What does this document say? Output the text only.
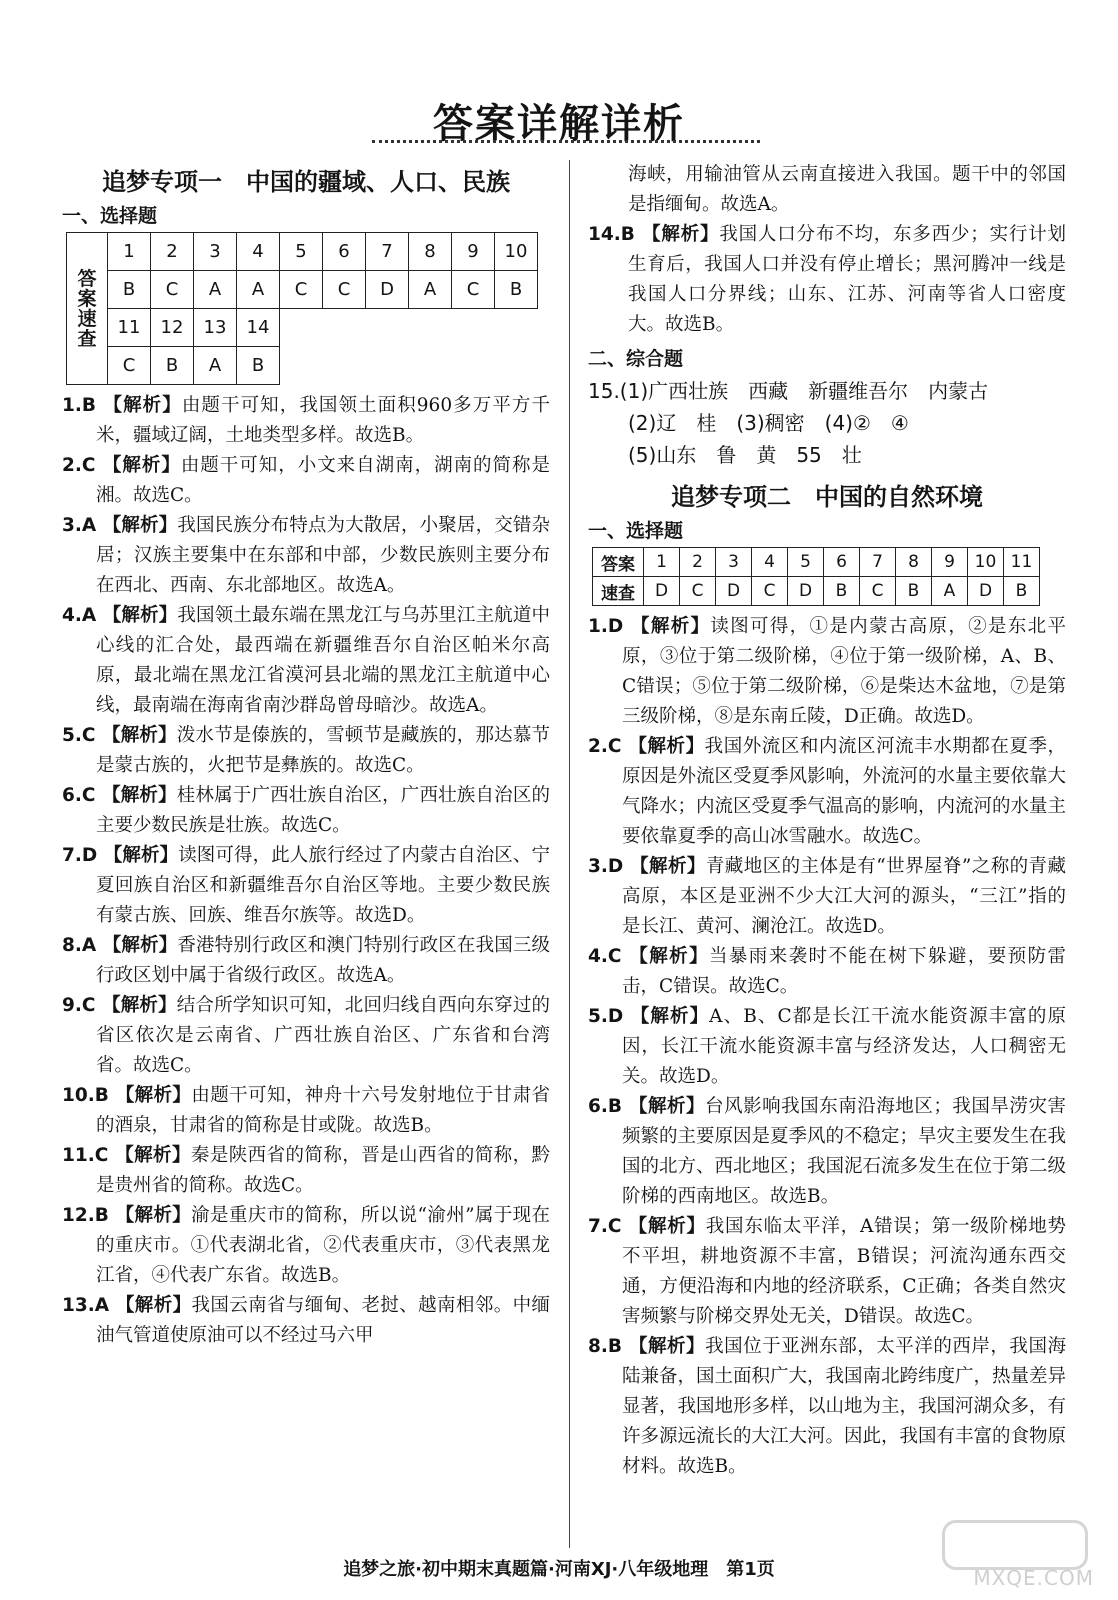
答案详解详析
追梦专项一　中国的疆域、人口、民族
一、选择题
答案速查	1	2	3	4	5	6	7	8	9	10
	B	C	A	A	C	C	D	A	C	B
	11	12	13	14						
	C	B	A	B						

1.B 【解析】由题干可知，我国领土面积960多万平方千米，疆域辽阔，土地类型多样。故选B。

2.C 【解析】由题干可知，小文来自湖南，湖南的简称是湘。故选C。

3.A 【解析】我国民族分布特点为大散居，小聚居，交错杂居；汉族主要集中在东部和中部，少数民族则主要分布在西北、西南、东北部地区。故选A。

4.A 【解析】我国领土最东端在黑龙江与乌苏里江主航道中心线的汇合处，最西端在新疆维吾尔自治区帕米尔高原，最北端在黑龙江省漠河县北端的黑龙江主航道中心线，最南端在海南省南沙群岛曾母暗沙。故选A。

5.C 【解析】泼水节是傣族的，雪顿节是藏族的，那达慕节是蒙古族的，火把节是彝族的。故选C。

6.C 【解析】桂林属于广西壮族自治区，广西壮族自治区的主要少数民族是壮族。故选C。

7.D 【解析】读图可得，此人旅行经过了内蒙古自治区、宁夏回族自治区和新疆维吾尔自治区等地。主要少数民族有蒙古族、回族、维吾尔族等。故选D。

8.A 【解析】香港特别行政区和澳门特别行政区在我国三级行政区划中属于省级行政区。故选A。

9.C 【解析】结合所学知识可知，北回归线自西向东穿过的省区依次是云南省、广西壮族自治区、广东省和台湾省。故选C。

10.B 【解析】由题干可知，神舟十六号发射地位于甘肃省的酒泉，甘肃省的简称是甘或陇。故选B。

11.C 【解析】秦是陕西省的简称，晋是山西省的简称，黔是贵州省的简称。故选C。

12.B 【解析】渝是重庆市的简称，所以说“渝州”属于现在的重庆市。①代表湖北省，②代表重庆市，③代表黑龙江省，④代表广东省。故选B。

13.A 【解析】我国云南省与缅甸、老挝、越南相邻。中缅油气管道使原油可以不经过马六甲

海峡，用输油管从云南直接进入我国。题干中的邻国是指缅甸。故选A。

14.B 【解析】我国人口分布不均，东多西少；实行计划生育后，我国人口并没有停止增长；黑河腾冲一线是我国人口分界线；山东、江苏、河南等省人口密度大。故选B。

二、综合题

15.(1)广西壮族　西藏　新疆维吾尔　内蒙古

(2)辽　桂　(3)稠密　(4)②　④

(5)山东　鲁　黄　55　壮

追梦专项二　中国的自然环境
一、选择题
答案	1	2	3	4	5	6	7	8	9	10	11
速查	D	C	D	C	D	B	C	B	A	D	B

1.D 【解析】读图可得，①是内蒙古高原，②是东北平原，③位于第二级阶梯，④位于第一级阶梯，A、B、C错误；⑤位于第二级阶梯，⑥是柴达木盆地，⑦是第三级阶梯，⑧是东南丘陵，D正确。故选D。

2.C 【解析】我国外流区和内流区河流丰水期都在夏季，原因是外流区受夏季风影响，外流河的水量主要依靠大气降水；内流区受夏季气温高的影响，内流河的水量主要依靠夏季的高山冰雪融水。故选C。

3.D 【解析】青藏地区的主体是有“世界屋脊”之称的青藏高原，本区是亚洲不少大江大河的源头，“三江”指的是长江、黄河、澜沧江。故选D。

4.C 【解析】当暴雨来袭时不能在树下躲避，要预防雷击，C错误。故选C。

5.D 【解析】A、B、C都是长江干流水能资源丰富的原因，长江干流水能资源丰富与经济发达，人口稠密无关。故选D。

6.B 【解析】台风影响我国东南沿海地区；我国旱涝灾害频繁的主要原因是夏季风的不稳定；旱灾主要发生在我国的北方、西北地区；我国泥石流多发生在位于第二级阶梯的西南地区。故选B。

7.C 【解析】我国东临太平洋，A错误；第一级阶梯地势不平坦，耕地资源不丰富，B错误；河流沟通东西交通，方便沿海和内地的经济联系，C正确；各类自然灾害频繁与阶梯交界处无关，D错误。故选C。

8.B 【解析】我国位于亚洲东部，太平洋的西岸，我国海陆兼备，国土面积广大，我国南北跨纬度广，热量差异显著，我国地形多样，以山地为主，我国河湖众多，有许多源远流长的大江大河。因此，我国有丰富的食物原材料。故选B。

追梦之旅·初中期末真题篇·河南XJ·八年级地理　第1页	MXQE.COM
